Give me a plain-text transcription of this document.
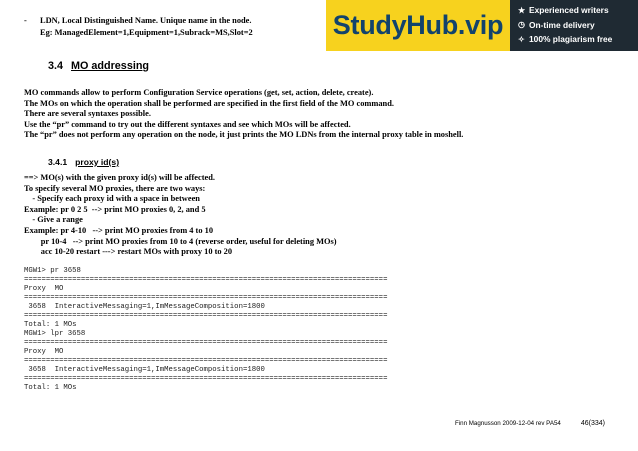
- LDN, Local Distinguished Name. Unique name in the node.
Eg: ManagedElement=1,Equipment=1,Subrack=MS,Slot=2	StudyHub.vip ★ Experienced writers
◷ On-time delivery
✧ 100% plagiarism free
3.4 MO addressing
MO commands allow to perform Configuration Service operations (get, set, action, delete, create).
The MOs on which the operation shall be performed are specified in the first field of the MO command.
There are several syntaxes possible.
Use the “pr” command to try out the different syntaxes and see which MOs will be affected.
The “pr” does not perform any operation on the node, it just prints the MO LDNs from the internal proxy table in moshell.
3.4.1 proxy id(s)
==> MO(s) with the given proxy id(s) will be affected.
To specify several MO proxies, there are two ways:
- Specify each proxy id with a space in between
Example: pr 0 2 5  --> print MO proxies 0, 2, and 5
- Give a range
Example: pr 4-10   --> print MO proxies from 4 to 10
pr 10-4   --> print MO proxies from 10 to 4 (reverse order, useful for deleting MOs)
acc 10-20 restart ---> restart MOs with proxy 10 to 20
MGW1> pr 3658
===================================================================================
Proxy  MO
===================================================================================
3658  InteractiveMessaging=1,ImMessageComposition=1800
===================================================================================
Total: 1 MOs
MGW1> lpr 3658
===================================================================================
Proxy  MO
===================================================================================
3658  InteractiveMessaging=1,ImMessageComposition=1800
===================================================================================
Total: 1 MOs
Finn Magnusson 2009-12-04 rev PA54	46(334)
